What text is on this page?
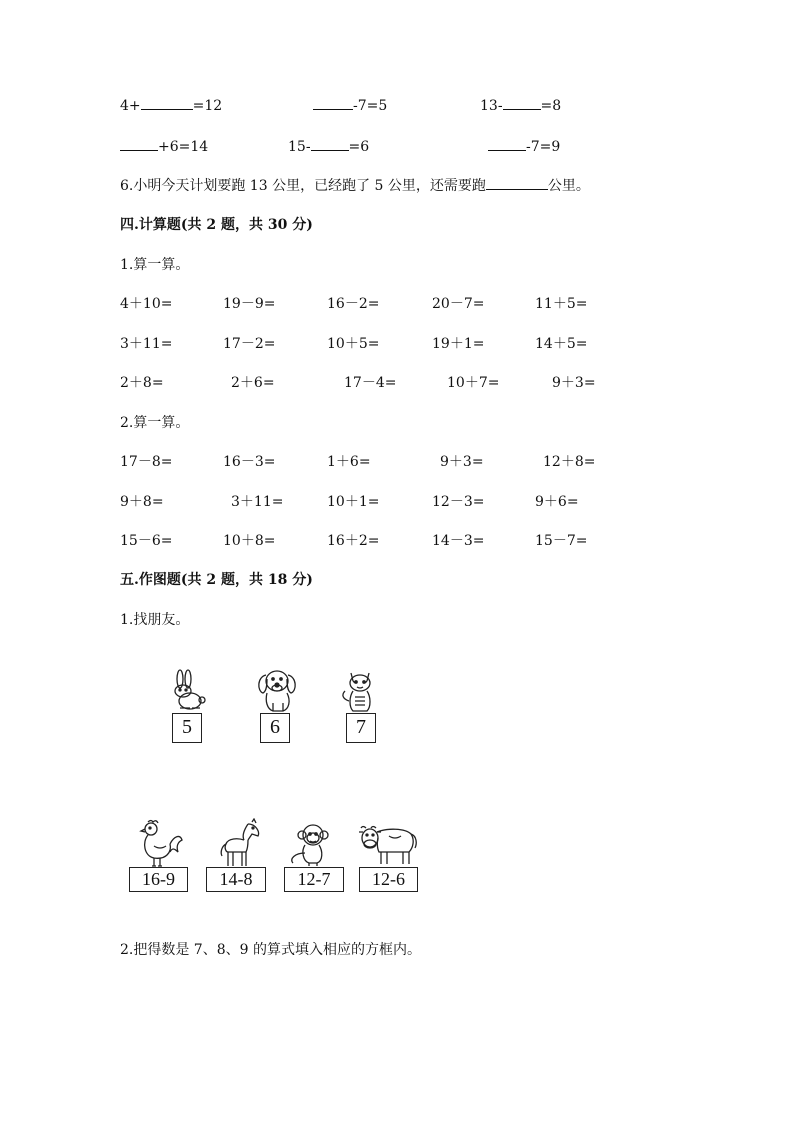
4+	=12	-7=5	13-	=8
+6=14	15-	=6	-7=9
6.小明今天计划要跑 13 公里，已经跑了 5 公里，还需要跑	公里。
四.计算题(共 2 题，共 30 分)
1.算一算。
4＋10=	19－9=	16－2=	20－7=	11＋5=
3＋11=	17－2=	10＋5=	19＋1=	14＋5=
2＋8=	2＋6=	17－4=	10＋7=	9＋3=
2.算一算。
17－8=	16－3=	1＋6=	9＋3=	12＋8=
9＋8=	3＋11=	10＋1=	12－3=	9＋6=
15－6=	10＋8=	16＋2=	14－3=	15－7=
五.作图题(共 2 题，共 18 分)
1.找朋友。
5	6	7
16-9	14-8	12-7	12-6
2.把得数是 7、8、9 的算式填入相应的方框内。
